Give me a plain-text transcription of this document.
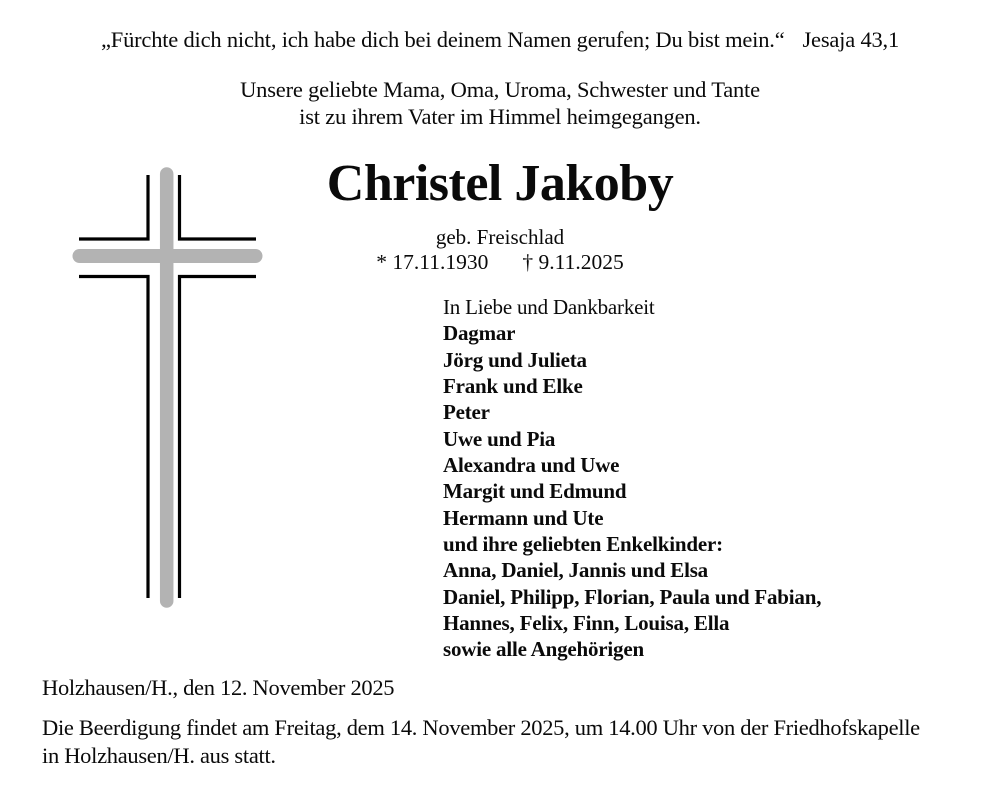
„Fürchte dich nicht, ich habe dich bei deinem Namen gerufen; Du bist mein.“ Jesaja 43,1
Unsere geliebte Mama, Oma, Uroma, Schwester und Tante
ist zu ihrem Vater im Himmel heimgegangen.
Christel Jakoby
geb. Freischlad
* 17.11.1930 † 9.11.2025
In Liebe und Dankbarkeit
Dagmar
Jörg und Julieta
Frank und Elke
Peter
Uwe und Pia
Alexandra und Uwe
Margit und Edmund
Hermann und Ute
und ihre geliebten Enkelkinder:
Anna, Daniel, Jannis und Elsa
Daniel, Philipp, Florian, Paula und Fabian,
Hannes, Felix, Finn, Louisa, Ella
sowie alle Angehörigen
Holzhausen/H., den 12. November 2025
Die Beerdigung findet am Freitag, dem 14. November 2025, um 14.00 Uhr von der Friedhofskapelle
in Holzhausen/H. aus statt.
